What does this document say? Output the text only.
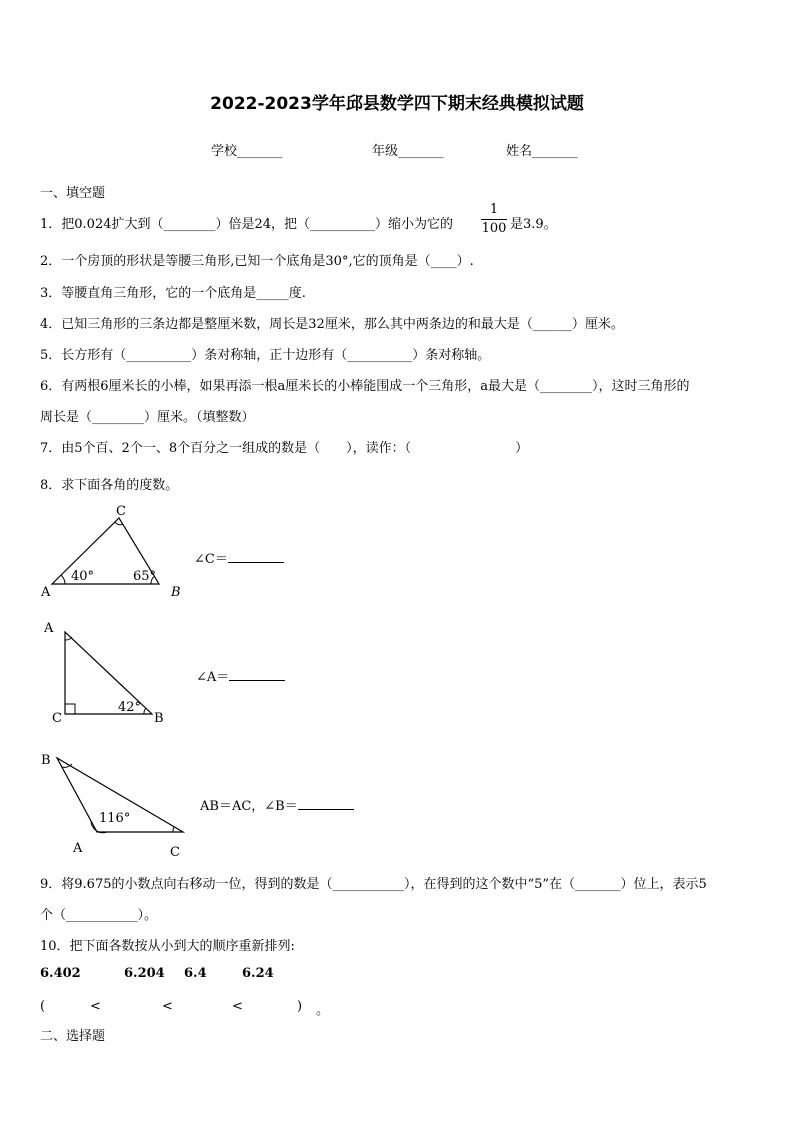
2022-2023学年邱县数学四下期末经典模拟试题
学校_______	年级_______	姓名_______
一、填空题
1．把0.024扩大到（________）倍是24，把（__________）缩小为它的
1
100 是3.9。
2．一个房顶的形状是等腰三角形,已知一个底角是30°,它的顶角是（____）.
3．等腰直角三角形，它的一个底角是_____度.
4．已知三角形的三条边都是整厘米数，周长是32厘米，那么其中两条边的和最大是（______）厘米。
5．长方形有（__________）条对称轴，正十边形有（__________）条对称轴。
6．有两根6厘米长的小棒，如果再添一根a厘米长的小棒能围成一个三角形，a最大是（________），这时三角形的
周长是（________）厘米。（填整数）
7．由5个百、2个一、8个百分之一组成的数是（　　），读作：（　　　　　　　　）
8．求下面各角的度数。
C
A	B
40°	65°
∠C＝
A
C	B
42°
∠A＝
B
A	C
116°
AB＝AC，∠B＝
9．将9.675的小数点向右移动一位，得到的数是（___________），在得到的这个数中“5”在（_______）位上，表示5
个（___________）。
10．把下面各数按从小到大的顺序重新排列:
6.402	6.204 6.4	6.24
(	<	<	<	) 。
二、选择题
